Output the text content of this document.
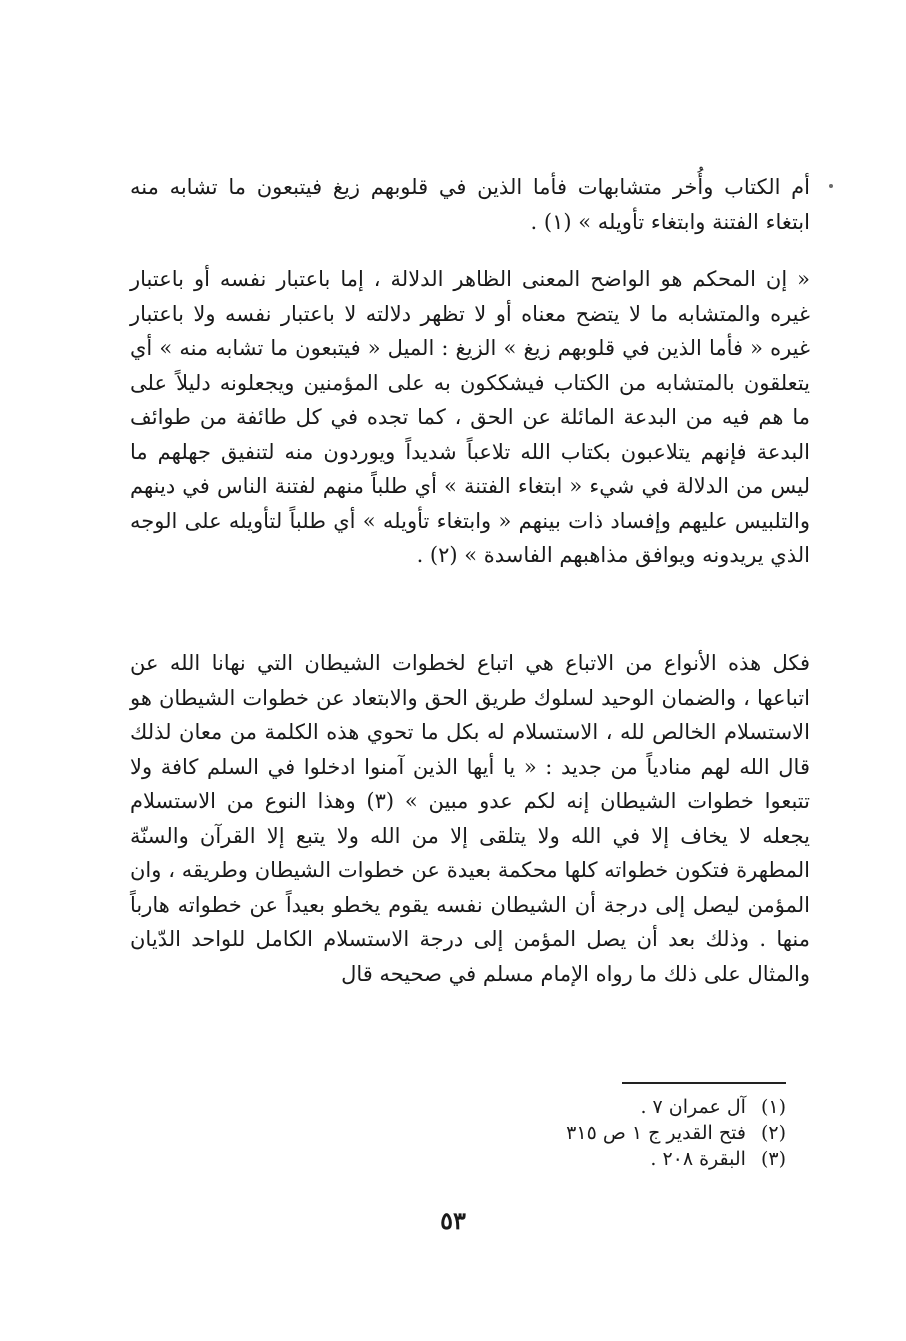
أم الكتاب وأُخر متشابهات فأما الذين في قلوبهم زيغ فيتبعون ما تشابه منه ابتغاء الفتنة وابتغاء تأويله » (١) .

« إن المحكم هو الواضح المعنى الظاهر الدلالة ، إما باعتبار نفسه أو باعتبار غيره والمتشابه ما لا يتضح معناه أو لا تظهر دلالته لا باعتبار نفسه ولا باعتبار غيره « فأما الذين في قلوبهم زيغ » الزيغ : الميل « فيتبعون ما تشابه منه » أي يتعلقون بالمتشابه من الكتاب فيشككون به على المؤمنين ويجعلونه دليلاً على ما هم فيه من البدعة المائلة عن الحق ، كما تجده في كل طائفة من طوائف البدعة فإنهم يتلاعبون بكتاب الله تلاعباً شديداً ويوردون منه لتنفيق جهلهم ما ليس من الدلالة في شيء « ابتغاء الفتنة » أي طلباً منهم لفتنة الناس في دينهم والتلبيس عليهم وإفساد ذات بينهم « وابتغاء تأويله » أي طلباً لتأويله على الوجه الذي يريدونه ويوافق مذاهبهم الفاسدة » (٢) .

فكل هذه الأنواع من الاتباع هي اتباع لخطوات الشيطان التي نهانا الله عن اتباعها ، والضمان الوحيد لسلوك طريق الحق والابتعاد عن خطوات الشيطان هو الاستسلام الخالص لله ، الاستسلام له بكل ما تحوي هذه الكلمة من معان لذلك قال الله لهم منادياً من جديد : « يا أيها الذين آمنوا ادخلوا في السلم كافة ولا تتبعوا خطوات الشيطان إنه لكم عدو مبين » (٣) وهذا النوع من الاستسلام يجعله لا يخاف إلا في الله ولا يتلقى إلا من الله ولا يتبع إلا القرآن والسنّة المطهرة فتكون خطواته كلها محكمة بعيدة عن خطوات الشيطان وطريقه ، وان المؤمن ليصل إلى درجة أن الشيطان نفسه يقوم يخطو بعيداً عن خطواته هارباً منها . وذلك بعد أن يصل المؤمن إلى درجة الاستسلام الكامل للواحد الدّيان والمثال على ذلك ما رواه الإمام مسلم في صحيحه قال

(١) آل عمران ٧ .
(٢) فتح القدير ج ١ ص ٣١٥
(٣) البقرة ٢٠٨ .
٥٣
